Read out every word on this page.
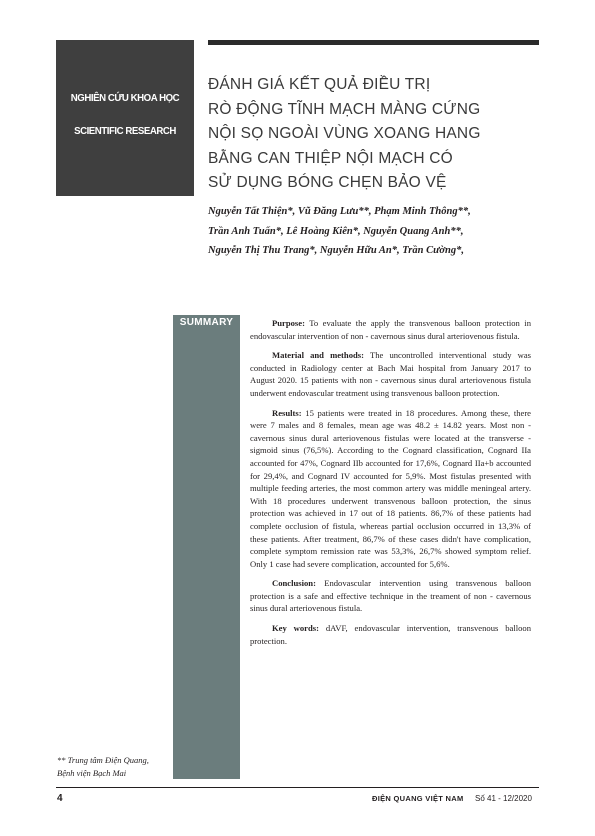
NGHIÊN CỨU KHOA HỌC
SCIENTIFIC RESEARCH
ĐÁNH GIÁ KẾT QUẢ ĐIỀU TRỊ
RÒ ĐỘNG TĨNH MẠCH MÀNG CỨNG
NỘI SỌ NGOÀI VÙNG XOANG HANG
BẰNG CAN THIỆP NỘI MẠCH CÓ
SỬ DỤNG BÓNG CHẸN BẢO VỆ
Nguyễn Tất Thiện*, Vũ Đăng Lưu**, Phạm Minh Thông**,
Trần Anh Tuấn*, Lê Hoàng Kiên*, Nguyễn Quang Anh**,
Nguyễn Thị Thu Trang*, Nguyễn Hữu An*, Trần Cường*,
SUMMARY	Purpose: To evaluate the apply the transvenous balloon protection in endovascular intervention of non - cavernous sinus dural arteriovenous fistula.

Material and methods: The uncontrolled interventional study was conducted in Radiology center at Bach Mai hospital from January 2017 to August 2020. 15 patients with non - cavernous sinus dural arteriovenous fistula underwent endovascular treatment using transvenous balloon protection.

Results: 15 patients were treated in 18 procedures. Among these, there were 7 males and 8 females, mean age was 48.2 ± 14.82 years. Most non - cavernous sinus dural arteriovenous fistulas were located at the transverse - sigmoid sinus (76,5%). According to the Cognard classification, Cognard IIa accounted for 47%, Cognard IIb accounted for 17,6%, Cognard IIa+b accounted for 29,4%, and Cognard IV accounted for 5,9%. Most fistulas presented with multiple feeding arteries, the most common artery was middle meningeal artery. With 18 procedures underwent transvenous balloon protection, the sinus protection was achieved in 17 out of 18 patients. 86,7% of these patients had complete occlusion of fistula, whereas partial occlusion occurred in 13,3% of these patients. After treatment, 86,7% of these cases didn't have complication, complete symptom remission rate was 53,3%, 26,7% showed symptom relief. Only 1 case had severe complication, accounted for 5,6%.

Conclusion: Endovascular intervention using transvenous balloon protection is a safe and effective technique in the treament of non - cavernous sinus dural arteriovenous fistula.

Key words: dAVF, endovascular intervention, transvenous balloon protection.

** Trung tâm Điện Quang,
Bệnh viện Bạch Mai
4	ĐIỆN QUANG VIỆT NAM Số 41 - 12/2020
